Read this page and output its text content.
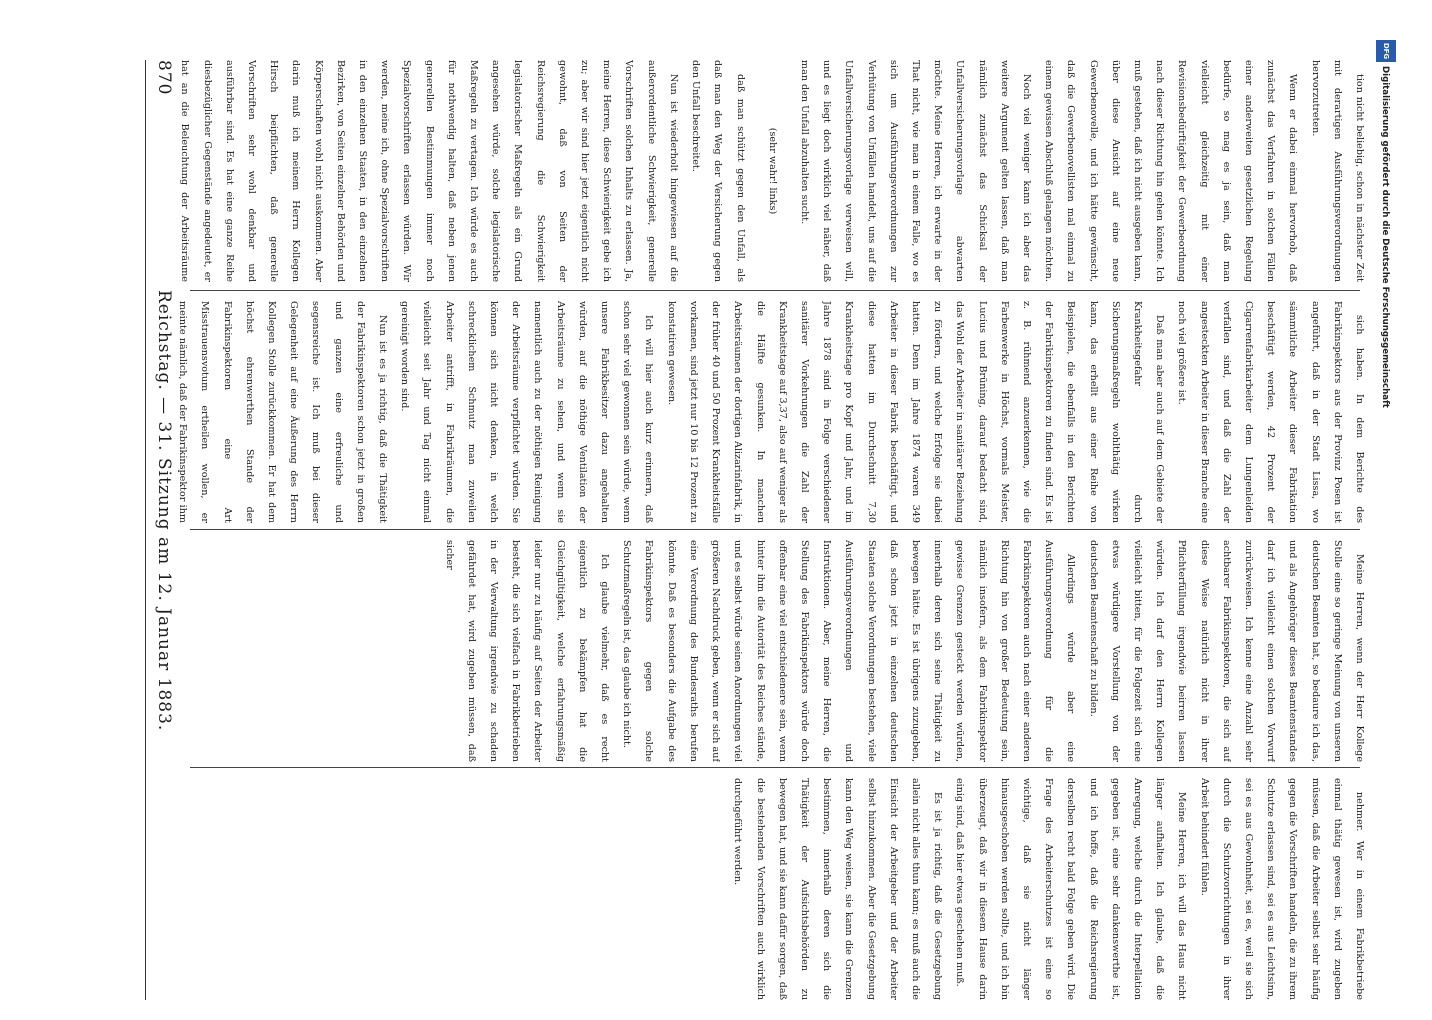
870
Reichstag. — 31. Sitzung am 12. Januar 1883.

tion nicht beliebig, schon in nächster Zeit mit derartigen Ausführungsverordnungen hervorzutreten.

Wenn er dabei einmal hervorhob, daß zunächst das Verfahren in solchen Fällen einer anderweiten gesetzlichen Regelung bedürfe, so mag es ja sein, daß man vielleicht gleichzeitig mit einer Revisionsbedürftigkeit der Gewerbeordnung nach dieser Richtung hin gehen könnte. Ich muß gestehen, daß ich nicht ausgeben kann, über diese Ansicht auf eine neue Gewerbenovelle, und ich hätte gewünscht, daß die Gewerbenovellisten mal einmal zu einem gewissen Abschluß gelangen möchten.

Noch viel weniger kann ich aber das weitere Argument gelten lassen, daß man nämlich zunächst das Schicksal der Unfallversicherungsvorlage abwarten möchte. Meine Herren, ich erwarte in der That nicht, wie man in einem Falle, wo es sich um Ausführungsverordnungen zur Verhütung von Unfällen handelt, uns auf die Unfallversicherungsvorlage verweisen will, und es liegt doch wirklich viel näher, daß man den Unfall abzuhalten sucht.

(sehr wahr! links)

daß man schützt gegen den Unfall, als daß man den Weg der Versicherung gegen den Unfall beschreitet.

Nun ist wiederholt hingewiesen auf die außerordentliche Schwierigkeit, generelle Vorschriften solchen Inhalts zu erlassen. Ja, meine Herren, diese Schwierigkeit gebe ich zu; aber wir sind hier jetzt eigentlich nicht gewohnt, daß von Seiten der Reichsregierung die Schwierigkeit legislatorischer Maßregeln als ein Grund angesehen würde, solche legislatorische Maßregeln zu vertagen. Ich würde es auch für nothwendig halten, daß neben jenen generellen Bestimmungen immer noch Spezialvorschriften erlassen würden. Wir werden, meine ich, ohne Spezialvorschriften in den einzelnen Staaten, in den einzelnen Bezirken, von Seiten einzelner Behörden und Körperschaften wohl nicht auskommen. Aber darin muß ich meinem Herrn Kollegen Hirsch beipflichten, daß generelle Vorschriften sehr wohl denkbar und ausführbar sind. Es hat eine ganze Reihe diesbezüglicher Gegenstände angedeutet, er hat an die Beleuchtung der Arbeitsräume

sich haben. In dem Berichte des Fabrikinspektors aus der Provinz Posen ist angeführt, daß in der Stadt Lissa, wo sämmtliche Arbeiter dieser Fabrikation beschäftigt werden, 42 Prozent der Cigarrenfabrikarbeiter dem Lungenleiden verfallen sind, und daß die Zahl der angesteckten Arbeiter in dieser Branche eine noch viel größere ist.

Daß man aber auch auf dem Gebiete der Krankheitsgefahr durch Sicherungsmaßregeln wohlthätig wirken kann, das erhellt aus einer Reihe von Beispielen, die ebenfalls in den Berichten der Fabrikinspektoren zu finden sind. Es ist z. B. rühmend anzuerkennen, wie die Farbenwerke in Höchst, vormals Meister, Lucius und Brüning, darauf bedacht sind, das Wohl der Arbeiter in sanitärer Beziehung zu fördern, und welche Erfolge sie dabei hatten. Denn im Jahre 1874 waren 349 Arbeiter in dieser Fabrik beschäftigt, und diese hatten im Durchschnitt 7,30 Krankheitstage pro Kopf und Jahr, und im Jahre 1878 sind in Folge verschiedener sanitärer Vorkehrungen die Zahl der Krankheitstage auf 3,37, also auf weniger als die Hälfte gesunken. In manchen Arbeitsräumen der dortigen Alizarinfabrik, in der früher 40 und 50 Prozent Krankheitsfälle vorkamen, sind jetzt nur 10 bis 12 Prozent zu konstatiren gewesen.

Ich will hier auch kurz erinnern, daß schon sehr viel gewonnen sein würde, wenn unsere Fabrikbesitzer dazu angehalten würden, auf die nöthige Ventilation der Arbeitsräume zu sehen, und wenn sie namentlich auch zu der nöthigen Reinigung der Arbeitsräume verpflichtet würden. Sie können sich nicht denken, in welch schrecklichem Schmutz man zuweilen Arbeiter antrifft, in Fabrikräumen, die vielleicht seit Jahr und Tag nicht einmal gereinigt worden sind.

Nun ist es ja richtig, daß die Thätigkeit der Fabrikinspektoren schon jetzt in großen und ganzen eine erfreuliche und segensreiche ist. Ich muß bei dieser Gelegenheit auf eine Äußerung des Herrn Kollegen Stolle zurückkommen. Er hat dem höchst ehrenwerthen Stande der Fabrikinspektoren eine Art Misstrauensvotum ertheilen wollen, er meinte nämlich, daß der Fabrikinspektor ihm

Meine Herren, wenn der Herr Kollege Stolle eine so geringe Meinung von unseren deutschen Beamten hat, so bedaure ich das, und als Angehöriger dieses Beamtenstandes darf ich vielleicht einen solchen Vorwurf zurückweisen. Ich kenne eine Anzahl sehr achtbarer Fabrikinspektoren, die sich auf diese Weise natürlich nicht in ihrer Pflichterfüllung irgendwie beirren lassen würden. Ich darf den Herrn Kollegen vielleicht bitten, für die Folgezeit sich eine etwas würdigere Vorstellung von der deutschen Beamtenschaft zu bilden.

Allerdings würde aber eine Ausführungsverordnung für die Fabrikinspektoren auch nach einer anderen Richtung hin von großer Bedeutung sein, nämlich insofern, als dem Fabrikinspektor gewisse Grenzen gesteckt werden würden, innerhalb deren sich seine Thätigkeit zu bewegen hätte. Es ist übrigens zuzugeben, daß schon jetzt in einzelnen deutschen Staaten solche Verordnungen bestehen, viele Ausführungsverordnungen und Instruktionen. Aber, meine Herren, die Stellung des Fabrikinspektors würde doch offenbar eine viel entschiedenere sein, wenn hinter ihm die Autorität des Reiches stände, und es selbst würde seinen Anordnungen viel größeren Nachdruck geben, wenn er sich auf eine Verordnung des Bundesraths berufen könnte. Daß es besonders die Aufgabe des Fabrikinspektors gegen solche Schutzmaßregeln ist, das glaube ich nicht.

Ich glaube vielmehr, daß es recht eigentlich zu bekämpfen hat die Gleichgültigkeit, welche erfahrungsmäßig leider nur zu häufig auf Seiten der Arbeiter besteht, die sich vielfach in Fabrikbetrieben in der Verwaltung irgendwie zu schaden gefährdet hat, wird zugeben müssen, daß sicher

nehmer. Wer in einem Fabrikbetriebe einmal thätig gewesen ist, wird zugeben müssen, daß die Arbeiter selbst sehr häufig gegen die Vorschriften handeln, die zu ihrem Schutze erlassen sind, sei es aus Leichtsinn, sei es aus Gewohnheit, sei es, weil sie sich durch die Schutzvorrichtungen in ihrer Arbeit behindert fühlen.

Meine Herren, ich will das Haus nicht länger aufhalten. Ich glaube, daß die Anregung, welche durch die Interpellation gegeben ist, eine sehr dankenswerthe ist, und ich hoffe, daß die Reichsregierung derselben recht bald Folge geben wird. Die Frage des Arbeiterschutzes ist eine so wichtige, daß sie nicht länger hinausgeschoben werden sollte, und ich bin überzeugt, daß wir in diesem Hause darin einig sind, daß hier etwas geschehen muß.

Es ist ja richtig, daß die Gesetzgebung allein nicht alles thun kann; es muß auch die Einsicht der Arbeitgeber und der Arbeiter selbst hinzukommen. Aber die Gesetzgebung kann den Weg weisen, sie kann die Grenzen bestimmen, innerhalb deren sich die Thätigkeit der Aufsichtsbehörden zu bewegen hat, und sie kann dafür sorgen, daß die bestehenden Vorschriften auch wirklich durchgeführt werden.

DFG
Digitalisierung gefördert durch die Deutsche Forschungsgemeinschaft
